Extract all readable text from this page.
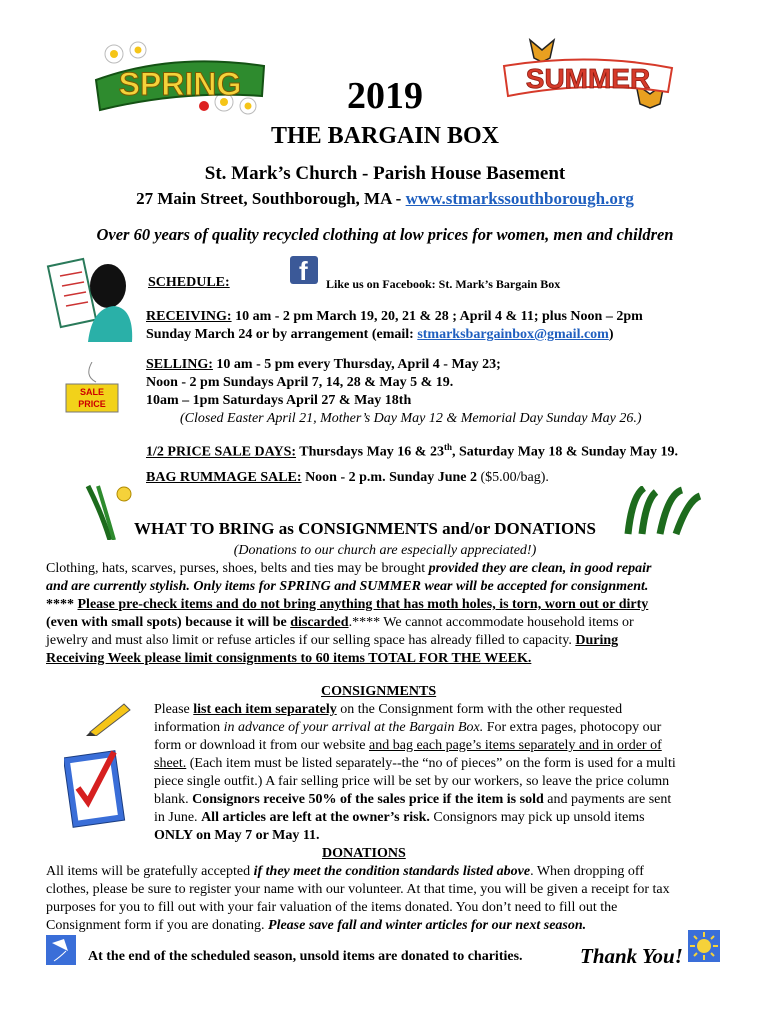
SPRING	SUMMER
2019
THE BARGAIN BOX
St. Mark’s Church - Parish House Basement
27 Main Street, Southborough, MA - www.stmarkssouthborough.org
Over 60 years of quality recycled clothing at low prices for women, men and children
SCHEDULE:	f Like us on Facebook: St. Mark’s Bargain Box
RECEIVING: 10 am - 2 pm March 19, 20, 21 & 28 ; April 4 & 11; plus Noon – 2pm
Sunday March 24 or by arrangement (email: stmarksbargainbox@gmail.com)
SALE
PRICE
SELLING: 10 am - 5 pm every Thursday, April 4 - May 23;
Noon - 2 pm Sundays April 7, 14, 28 & May 5 & 19.
10am – 1pm Saturdays April 27 & May 18th
(Closed Easter April 21, Mother’s Day May 12 & Memorial Day Sunday May 26.)
1/2 PRICE SALE DAYS: Thursdays May 16 & 23th, Saturday May 18 & Sunday May 19.
BAG RUMMAGE SALE: Noon - 2 p.m. Sunday June 2 ($5.00/bag).
WHAT TO BRING as CONSIGNMENTS and/or DONATIONS
(Donations to our church are especially appreciated!)
Clothing, hats, scarves, purses, shoes, belts and ties may be brought provided they are clean, in good repair
and are currently stylish. Only items for SPRING and SUMMER wear will be accepted for consignment.
**** Please pre-check items and do not bring anything that has moth holes, is torn, worn out or dirty
(even with small spots) because it will be discarded.**** We cannot accommodate household items or
jewelry and must also limit or refuse articles if our selling space has already filled to capacity. During
Receiving Week please limit consignments to 60 items TOTAL FOR THE WEEK.
CONSIGNMENTS
Please list each item separately on the Consignment form with the other requested
information in advance of your arrival at the Bargain Box. For extra pages, photocopy our
form or download it from our website and bag each page’s items separately and in order of
sheet. (Each item must be listed separately--the “no of pieces” on the form is used for a multi
piece single outfit.) A fair selling price will be set by our workers, so leave the price column
blank. Consignors receive 50% of the sales price if the item is sold and payments are sent
in June. All articles are left at the owner’s risk. Consignors may pick up unsold items
ONLY on May 7 or May 11.
DONATIONS
All items will be gratefully accepted if they meet the condition standards listed above. When dropping off
clothes, please be sure to register your name with our volunteer. At that time, you will be given a receipt for tax
purposes for you to fill out with your fair valuation of the items donated. You don’t need to fill out the
Consignment form if you are donating. Please save fall and winter articles for our next season.
At the end of the scheduled season, unsold items are donated to charities.	Thank You!
